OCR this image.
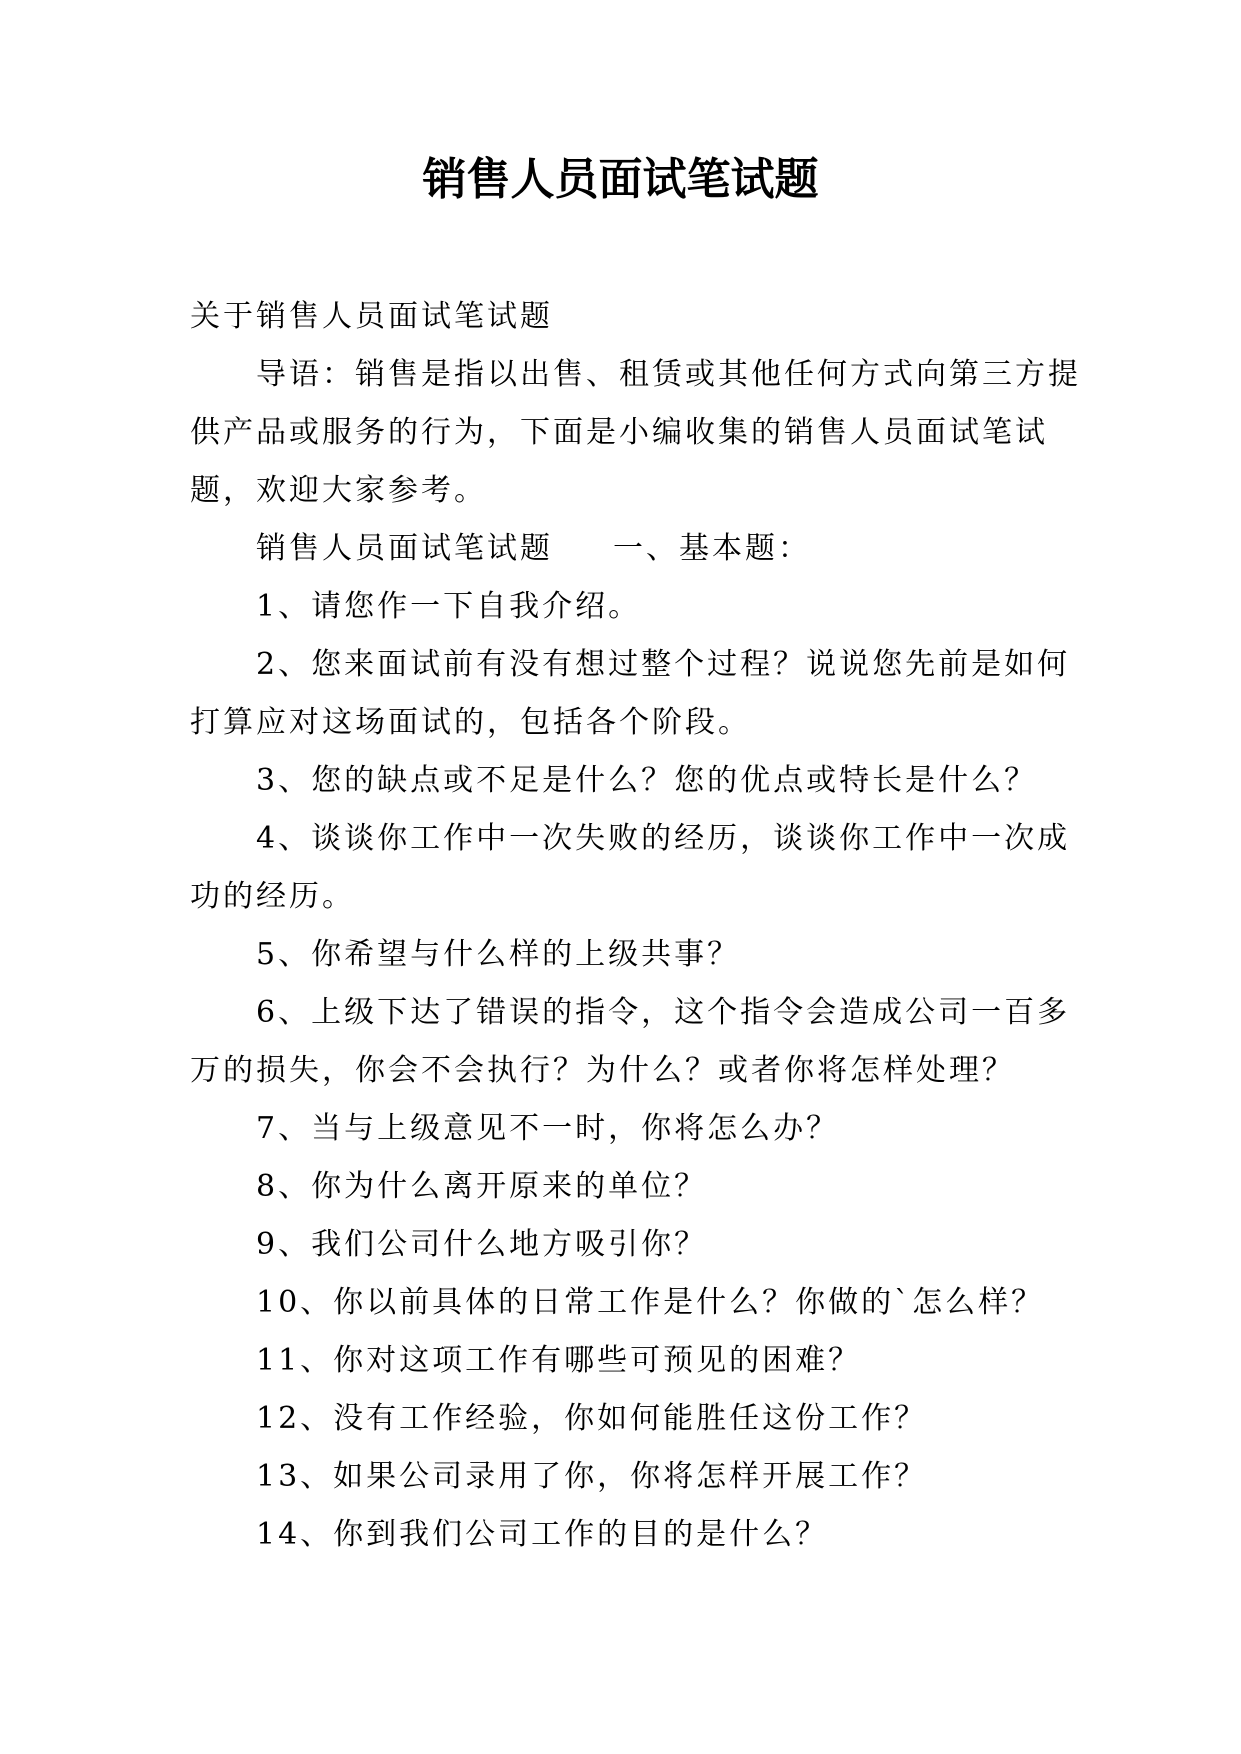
销售人员面试笔试题

关于销售人员面试笔试题

导语：销售是指以出售、租赁或其他任何方式向第三方提供产品或服务的行为，下面是小编收集的销售人员面试笔试题，欢迎大家参考。

销售人员面试笔试题 一、基本题：

1、请您作一下自我介绍。

2、您来面试前有没有想过整个过程？说说您先前是如何打算应对这场面试的，包括各个阶段。

3、您的缺点或不足是什么？您的优点或特长是什么？

4、谈谈你工作中一次失败的经历，谈谈你工作中一次成功的经历。

5、你希望与什么样的上级共事？

6、上级下达了错误的指令，这个指令会造成公司一百多万的损失，你会不会执行？为什么？或者你将怎样处理？

7、当与上级意见不一时，你将怎么办？

8、你为什么离开原来的单位？

9、我们公司什么地方吸引你？

10、你以前具体的日常工作是什么？你做的`怎么样？

11、你对这项工作有哪些可预见的困难？

12、没有工作经验，你如何能胜任这份工作？

13、如果公司录用了你，你将怎样开展工作？

14、你到我们公司工作的目的是什么？
